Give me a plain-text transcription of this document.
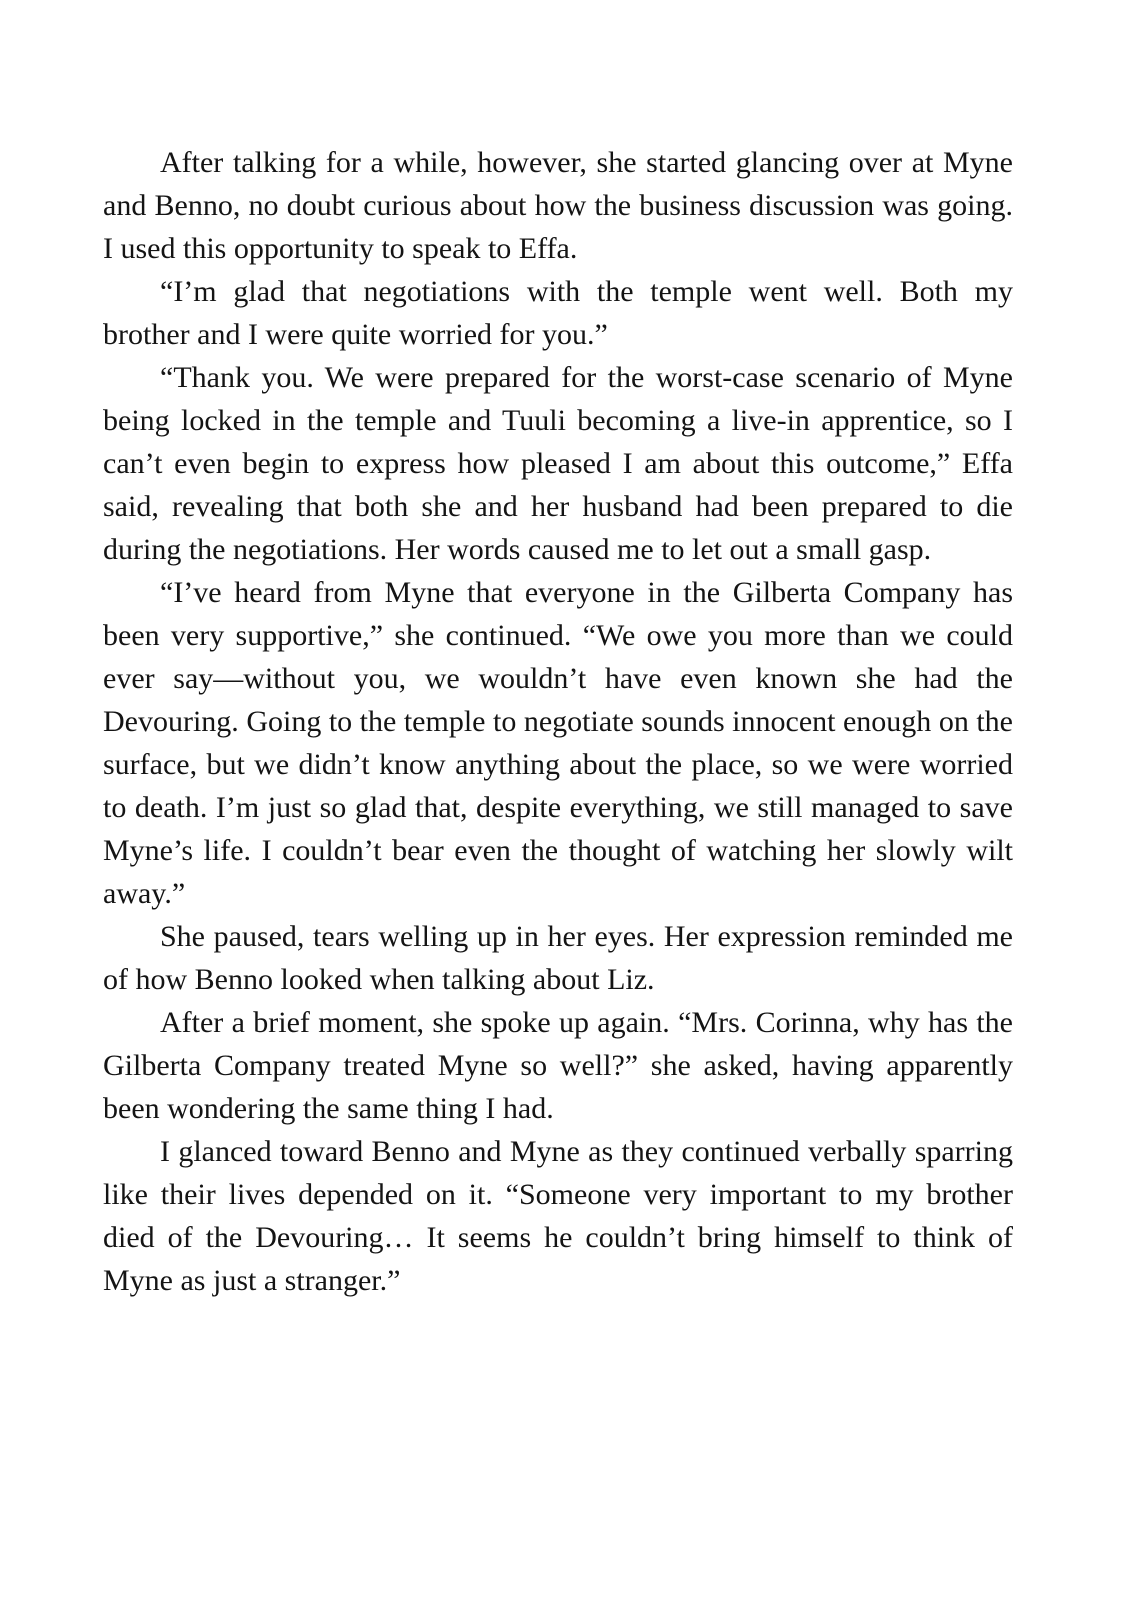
After talking for a while, however, she started glancing over at Myne and Benno, no doubt curious about how the business discussion was going. I used this opportunity to speak to Effa.

“I’m glad that negotiations with the temple went well. Both my brother and I were quite worried for you.”

“Thank you. We were prepared for the worst-case scenario of Myne being locked in the temple and Tuuli becoming a live-in apprentice, so I can’t even begin to express how pleased I am about this outcome,” Effa said, revealing that both she and her husband had been prepared to die during the negotiations. Her words caused me to let out a small gasp.

“I’ve heard from Myne that everyone in the Gilberta Company has been very supportive,” she continued. “We owe you more than we could ever say—without you, we wouldn’t have even known she had the Devouring. Going to the temple to negotiate sounds innocent enough on the surface, but we didn’t know anything about the place, so we were worried to death. I’m just so glad that, despite everything, we still managed to save Myne’s life. I couldn’t bear even the thought of watching her slowly wilt away.”

She paused, tears welling up in her eyes. Her expression reminded me of how Benno looked when talking about Liz.

After a brief moment, she spoke up again. “Mrs. Corinna, why has the Gilberta Company treated Myne so well?” she asked, having apparently been wondering the same thing I had.

I glanced toward Benno and Myne as they continued verbally sparring like their lives depended on it. “Someone very important to my brother died of the Devouring… It seems he couldn’t bring himself to think of Myne as just a stranger.”
